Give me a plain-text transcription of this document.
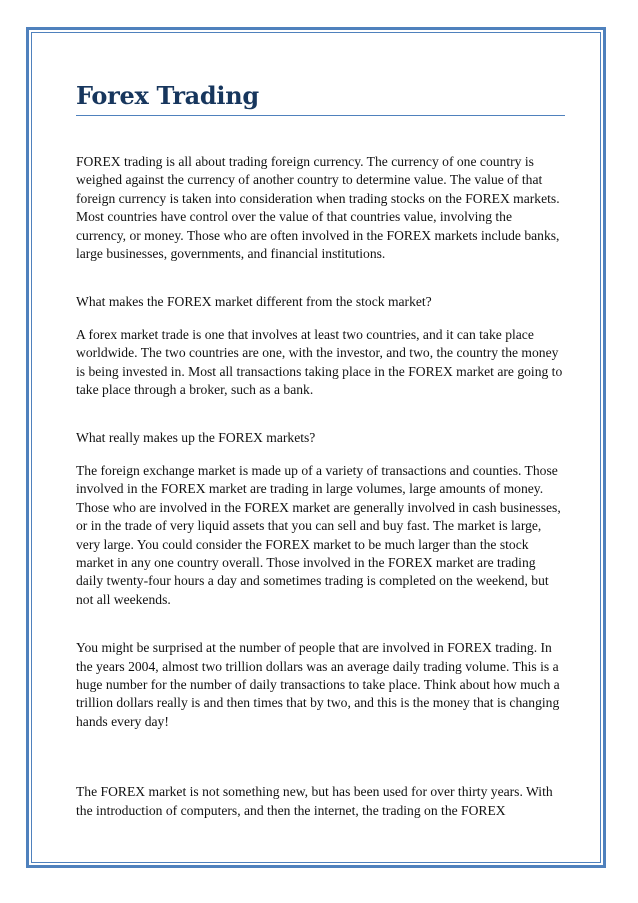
Forex Trading

FOREX trading is all about trading foreign currency. The currency of one country is weighed against the currency of another country to determine value. The value of that foreign currency is taken into consideration when trading stocks on the FOREX markets. Most countries have control over the value of that countries value, involving the currency, or money. Those who are often involved in the FOREX markets include banks, large businesses, governments, and financial institutions.

What makes the FOREX market different from the stock market?

A forex market trade is one that involves at least two countries, and it can take place worldwide. The two countries are one, with the investor, and two, the country the money is being invested in. Most all transactions taking place in the FOREX market are going to take place through a broker, such as a bank.

What really makes up the FOREX markets?

The foreign exchange market is made up of a variety of transactions and counties. Those involved in the FOREX market are trading in large volumes, large amounts of money. Those who are involved in the FOREX market are generally involved in cash businesses, or in the trade of very liquid assets that you can sell and buy fast. The market is large, very large. You could consider the FOREX market to be much larger than the stock market in any one country overall. Those involved in the FOREX market are trading daily twenty-four hours a day and sometimes trading is completed on the weekend, but not all weekends.

You might be surprised at the number of people that are involved in FOREX trading. In the years 2004, almost two trillion dollars was an average daily trading volume. This is a huge number for the number of daily transactions to take place. Think about how much a trillion dollars really is and then times that by two, and this is the money that is changing hands every day!

The FOREX market is not something new, but has been used for over thirty years. With the introduction of computers, and then the internet, the trading on the FOREX
